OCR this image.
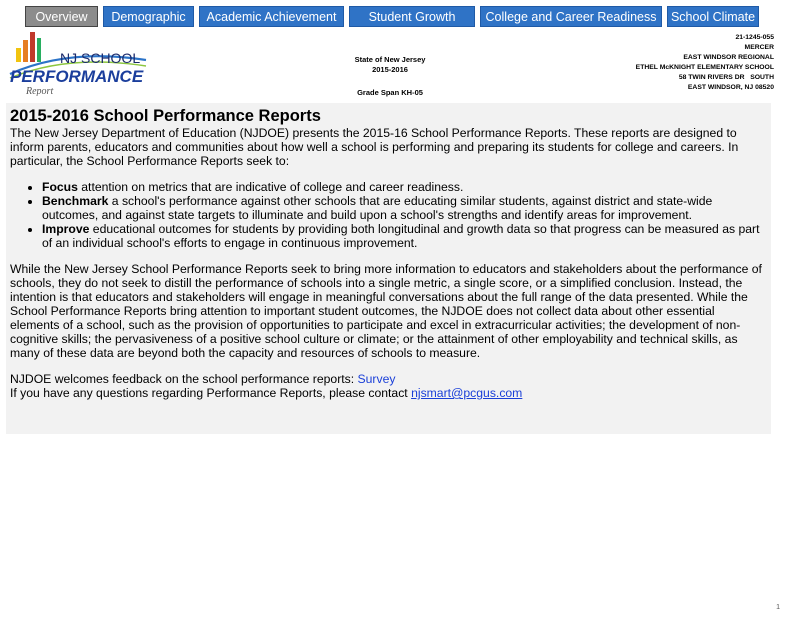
Overview	Demographic	Academic Achievement	Student Growth	College and Career Readiness	School Climate
NJ SCHOOL
PERFORMANCE
Report
State of New Jersey
2015-2016
Grade Span KH-05
21-1245-055
MERCER
EAST WINDSOR REGIONAL
ETHEL McKNIGHT ELEMENTARY SCHOOL
58 TWIN RIVERS DR   SOUTH
EAST WINDSOR, NJ 08520
2015-2016 School Performance Reports

The New Jersey Department of Education (NJDOE) presents the 2015-16 School Performance Reports. These reports are designed to inform parents, educators and communities about how well a school is performing and preparing its students for college and careers. In particular, the School Performance Reports seek to:

• Focus attention on metrics that are indicative of college and career readiness.
• Benchmark a school's performance against other schools that are educating similar students, against district and state-wide outcomes, and against state targets to illuminate and build upon a school's strengths and identify areas for improvement.
• Improve educational outcomes for students by providing both longitudinal and growth data so that progress can be measured as part of an individual school's efforts to engage in continuous improvement.

While the New Jersey School Performance Reports seek to bring more information to educators and stakeholders about the performance of schools, they do not seek to distill the performance of schools into a single metric, a single score, or a simplified conclusion. Instead, the intention is that educators and stakeholders will engage in meaningful conversations about the full range of the data presented. While the School Performance Reports bring attention to important student outcomes, the NJDOE does not collect data about other essential elements of a school, such as the provision of opportunities to participate and excel in extracurricular activities; the development of non-cognitive skills; the pervasiveness of a positive school culture or climate; or the attainment of other employability and technical skills, as many of these data are beyond both the capacity and resources of schools to measure.

NJDOE welcomes feedback on the school performance reports: Survey

If you have any questions regarding Performance Reports, please contact njsmart@pcgus.com

1
